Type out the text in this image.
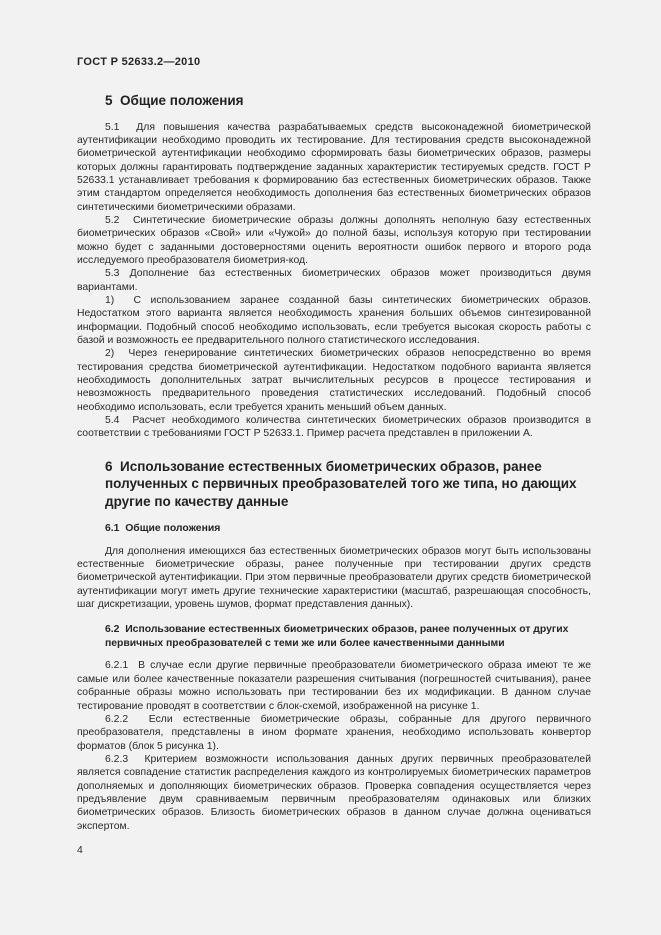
ГОСТ Р 52633.2—2010
5  Общие положения

5.1  Для повышения качества разрабатываемых средств высоконадежной биометрической аутентификации необходимо проводить их тестирование. Для тестирования средств высоконадежной биометрической аутентификации необходимо сформировать базы биометрических образов, размеры которых должны гарантировать подтверждение заданных характеристик тестируемых средств. ГОСТ Р 52633.1 устанавливает требования к формированию баз естественных биометрических образов. Также этим стандартом определяется необходимость дополнения баз естественных биометрических образов синтетическими биометрическими образами.

5.2  Синтетические биометрические образы должны дополнять неполную базу естественных биометрических образов «Свой» или «Чужой» до полной базы, используя которую при тестировании можно будет с заданными достоверностями оценить вероятности ошибок первого и второго рода исследуемого преобразователя биометрия-код.

5.3 Дополнение баз естественных биометрических образов может производиться двумя вариантами.

1)  С использованием заранее созданной базы синтетических биометрических образов. Недостатком этого варианта является необходимость хранения больших объемов синтезированной информации. Подобный способ необходимо использовать, если требуется высокая скорость работы с базой и возможность ее предварительного полного статистического исследования.

2)  Через генерирование синтетических биометрических образов непосредственно во время тестирования средства биометрической аутентификации. Недостатком подобного варианта является необходимость дополнительных затрат вычислительных ресурсов в процессе тестирования и невозможность предварительного проведения статистических исследований. Подобный способ необходимо использовать, если требуется хранить меньший объем данных.

5.4  Расчет необходимого количества синтетических биометрических образов производится в соответствии с требованиями ГОСТ Р 52633.1. Пример расчета представлен в приложении А.

6  Использование естественных биометрических образов, ранее полученных с первичных преобразователей того же типа, но дающих другие по качеству данные
6.1  Общие положения

Для дополнения имеющихся баз естественных биометрических образов могут быть использованы естественные биометрические образы, ранее полученные при тестировании других средств биометрической аутентификации. При этом первичные преобразователи других средств биометрической аутентификации могут иметь другие технические характеристики (масштаб, разрешающая способность, шаг дискретизации, уровень шумов, формат представления данных).

6.2  Использование естественных биометрических образов, ранее полученных от других первичных преобразователей с теми же или более качественными данными

6.2.1  В случае если другие первичные преобразователи биометрического образа имеют те же самые или более качественные показатели разрешения считывания (погрешностей считывания), ранее собранные образы можно использовать при тестировании без их модификации. В данном случае тестирование проводят в соответствии с блок-схемой, изображенной на рисунке 1.

6.2.2  Если естественные биометрические образы, собранные для другого первичного преобразователя, представлены в ином формате хранения, необходимо использовать конвертор форматов (блок 5 рисунка 1).

6.2.3  Критерием возможности использования данных других первичных преобразователей является совпадение статистик распределения каждого из контролируемых биометрических параметров дополняемых и дополняющих биометрических образов. Проверка совпадения осуществляется через предъявление двум сравниваемым первичным преобразователям одинаковых или близких биометрических образов. Близость биометрических образов в данном случае должна оцениваться экспертом.

4
